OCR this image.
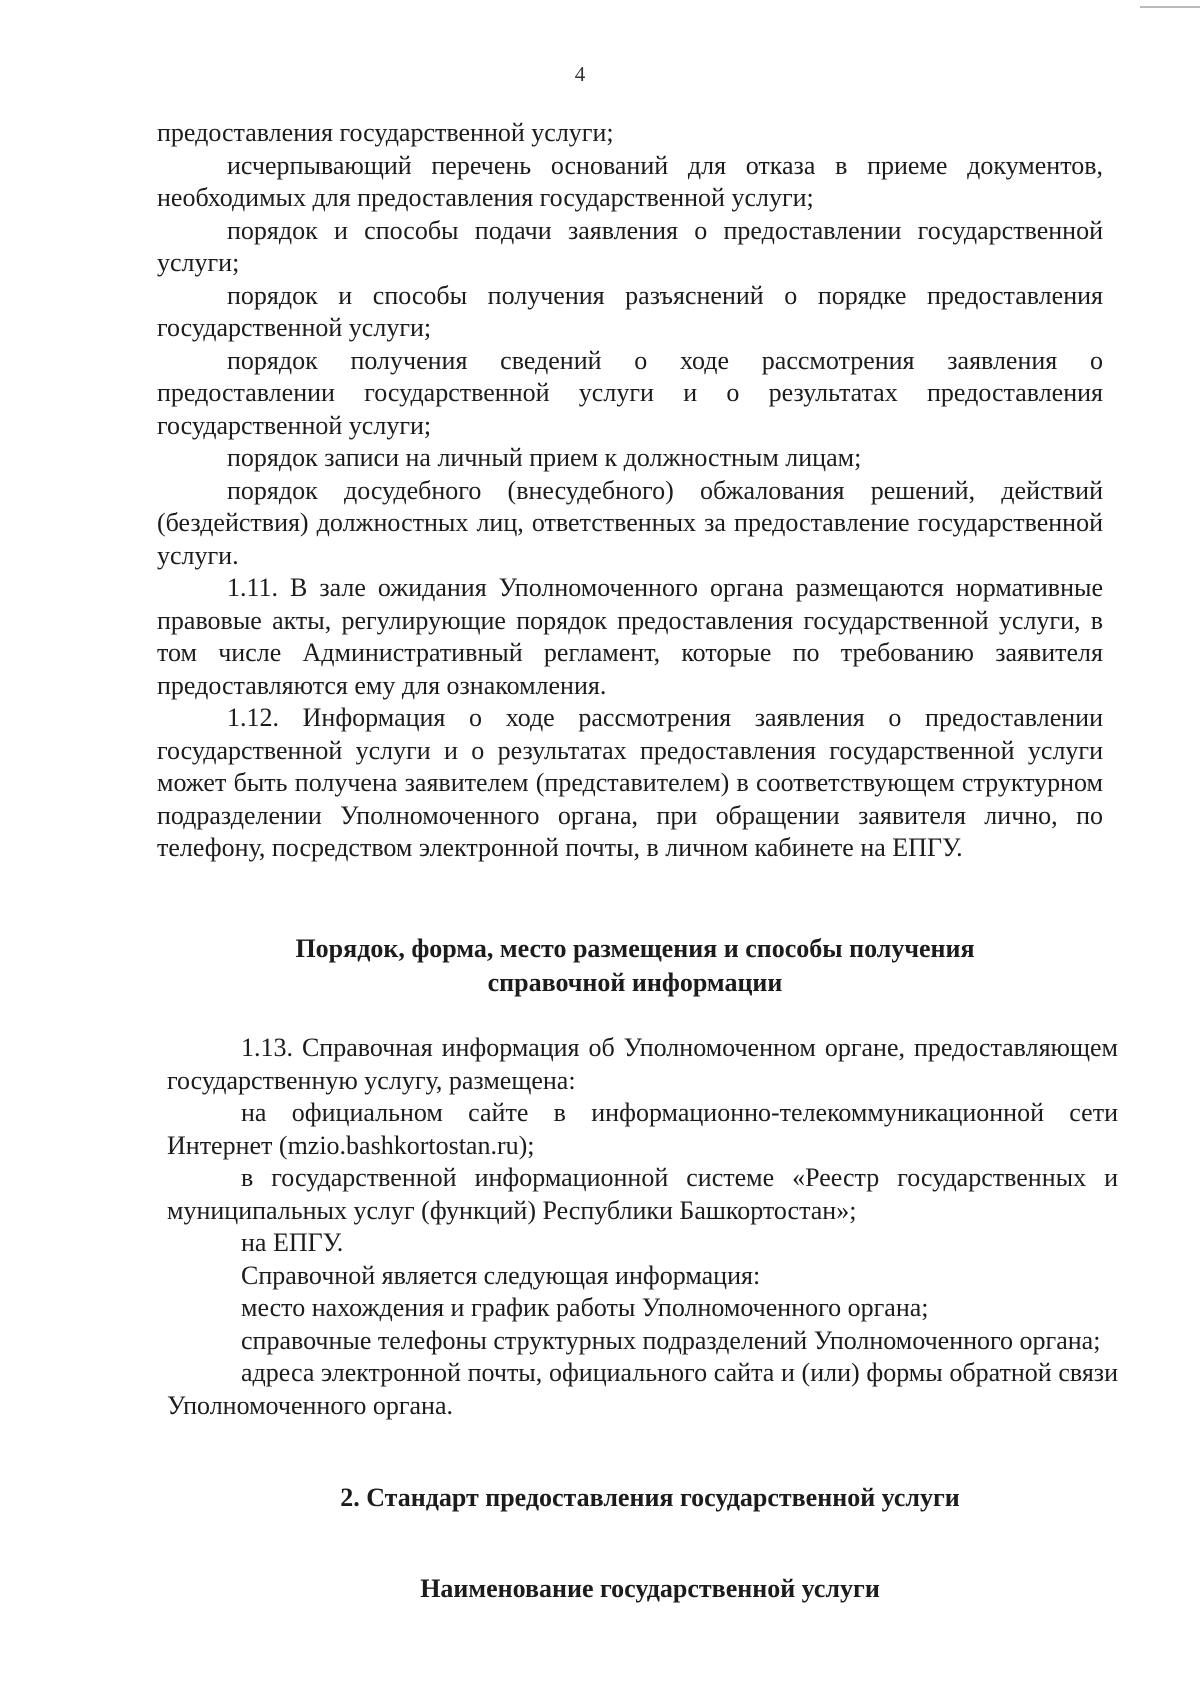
4

предоставления государственной услуги;

исчерпывающий перечень оснований для отказа в приеме документов, необходимых для предоставления государственной услуги;

порядок и способы подачи заявления о предоставлении государственной услуги;

порядок и способы получения разъяснений о порядке предоставления государственной услуги;

порядок получения сведений о ходе рассмотрения заявления о предоставлении государственной услуги и о результатах предоставления государственной услуги;

порядок записи на личный прием к должностным лицам;

порядок досудебного (внесудебного) обжалования решений, действий (бездействия) должностных лиц, ответственных за предоставление государственной услуги.

1.11. В зале ожидания Уполномоченного органа размещаются нормативные правовые акты, регулирующие порядок предоставления государственной услуги, в том числе Административный регламент, которые по требованию заявителя предоставляются ему для ознакомления.

1.12. Информация о ходе рассмотрения заявления о предоставлении государственной услуги и о результатах предоставления государственной услуги может быть получена заявителем (представителем) в соответствующем структурном подразделении Уполномоченного органа, при обращении заявителя лично, по телефону, посредством электронной почты, в личном кабинете на ЕПГУ.

Порядок, форма, место размещения и способы получения
справочной информации

1.13. Справочная информация об Уполномоченном органе, предоставляющем государственную услугу, размещена:

на официальном сайте в информационно-телекоммуникационной сети Интернет (mzio.bashkortostan.ru);

в государственной информационной системе «Реестр государственных и муниципальных услуг (функций) Республики Башкортостан»;

на ЕПГУ.

Справочной является следующая информация:

место нахождения и график работы Уполномоченного органа;

справочные телефоны структурных подразделений Уполномоченного органа;

адреса электронной почты, официального сайта и (или) формы обратной связи Уполномоченного органа.

2. Стандарт предоставления государственной услуги
Наименование государственной услуги
